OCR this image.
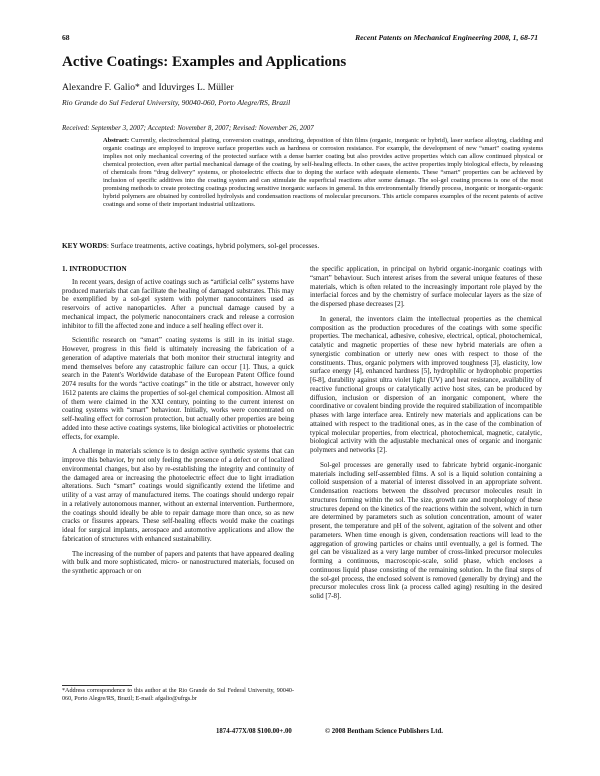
68	Recent Patents on Mechanical Engineering 2008, 1, 68-71
Active Coatings: Examples and Applications
Alexandre F. Galio* and Iduvirges L. Müller
Rio Grande do Sul Federal University, 90040-060, Porto Alegre/RS, Brazil
Received: September 3, 2007; Accepted: November 8, 2007; Revised: November 26, 2007
Abstract: Currently, electrochemical plating, conversion coatings, anodizing, deposition of thin films (organic, inorganic or hybrid), laser surface alloying, cladding and organic coatings are employed to improve surface properties such as hardness or corrosion resistance. For example, the development of new “smart” coating systems implies not only mechanical covering of the protected surface with a dense barrier coating but also provides active properties which can allow continued physical or chemical protection, even after partial mechanical damage of the coating, by self-healing effects. In other cases, the active properties imply biological effects, by releasing of chemicals from “drug delivery” systems, or photoelectric effects due to doping the surface with adequate elements. These “smart” properties can be achieved by inclusion of specific additives into the coating system and can stimulate the superficial reactions after some damage. The sol-gel coating process is one of the most promising methods to create protecting coatings producing sensitive inorganic surfaces in general. In this environmentally friendly process, inorganic or inorganic-organic hybrid polymers are obtained by controlled hydrolysis and condensation reactions of molecular precursors. This article compares examples of the recent patents of active coatings and some of their important industrial utilizations.
KEY WORDS: Surface treatments, active coatings, hybrid polymers, sol-gel processes.
1. INTRODUCTION

In recent years, design of active coatings such as “artificial cells” systems have produced materials that can facilitate the healing of damaged substrates. This may be exemplified by a sol-gel system with polymer nanocontainers used as reservoirs of active nanoparticles. After a punctual damage caused by a mechanical impact, the polymeric nanocontainers crack and release a corrosion inhibitor to fill the affected zone and induce a self healing effect over it.

Scientific research on “smart” coating systems is still in its initial stage. However, progress in this field is ultimately increasing the fabrication of a generation of adaptive materials that both monitor their structural integrity and mend themselves before any catastrophic failure can occur [1]. Thus, a quick search in the Patent's Worldwide database of the European Patent Office found 2074 results for the words “active coatings” in the title or abstract, however only 1612 patents are claims the properties of sol-gel chemical composition. Almost all of them were claimed in the XXI century, pointing to the current interest on coating systems with “smart” behaviour. Initially, works were concentrated on self-healing effect for corrosion protection, but actually other properties are being added into these active coatings systems, like biological activities or photoelectric effects, for example.

A challenge in materials science is to design active synthetic systems that can improve this behavior, by not only feeling the presence of a defect or of localized environmental changes, but also by re-establishing the integrity and continuity of the damaged area or increasing the photoelectric effect due to light irradiation alterations. Such “smart” coatings would significantly extend the lifetime and utility of a vast array of manufactured items. The coatings should undergo repair in a relatively autonomous manner, without an external intervention. Furthermore, the coatings should ideally be able to repair damage more than once, so as new cracks or fissures appears. These self-healing effects would make the coatings ideal for surgical implants, aerospace and automotive applications and allow the fabrication of structures with enhanced sustainability.

The increasing of the number of papers and patents that have appeared dealing with bulk and more sophisticated, micro- or nanostructured materials, focused on the synthetic approach or on

the specific application, in principal on hybrid organic-inorganic coatings with “smart” behaviour. Such interest arises from the several unique features of these materials, which is often related to the increasingly important role played by the interfacial forces and by the chemistry of surface molecular layers as the size of the dispersed phase decreases [2].

In general, the inventors claim the intellectual properties as the chemical composition as the production procedures of the coatings with some specific properties. The mechanical, adhesive, cohesive, electrical, optical, photochemical, catalytic and magnetic properties of these new hybrid materials are often a synergistic combination or utterly new ones with respect to those of the constituents. Thus, organic polymers with improved toughness [3], elasticity, low surface energy [4], enhanced hardness [5], hydrophilic or hydrophobic properties [6-8], durability against ultra violet light (UV) and heat resistance, availability of reactive functional groups or catalytically active host sites, can be produced by diffusion, inclusion or dispersion of an inorganic component, where the coordinative or covalent binding provide the required stabilization of incompatible phases with large interface area. Entirely new materials and applications can be attained with respect to the traditional ones, as in the case of the combination of typical molecular properties, from electrical, photochemical, magnetic, catalytic, biological activity with the adjustable mechanical ones of organic and inorganic polymers and networks [2].

Sol-gel processes are generally used to fabricate hybrid organic-inorganic materials including self-assembled films. A sol is a liquid solution containing a colloid suspension of a material of interest dissolved in an appropriate solvent. Condensation reactions between the dissolved precursor molecules result in structures forming within the sol. The size, growth rate and morphology of these structures depend on the kinetics of the reactions within the solvent, which in turn are determined by parameters such as solution concentration, amount of water present, the temperature and pH of the solvent, agitation of the solvent and other parameters. When time enough is given, condensation reactions will lead to the aggregation of growing particles or chains until eventually, a gel is formed. The gel can be visualized as a very large number of cross-linked precursor molecules forming a continuous, macroscopic-scale, solid phase, which encloses a continuous liquid phase consisting of the remaining solution. In the final steps of the sol-gel process, the enclosed solvent is removed (generally by drying) and the precursor molecules cross link (a process called aging) resulting in the desired solid [7-8].

*Address correspondence to this author at the Rio Grande do Sul Federal University, 90040-060, Porto Alegre/RS, Brazil; E-mail: afgalio@ufrgs.br
1874-477X/08 $100.00+.00	© 2008 Bentham Science Publishers Ltd.
